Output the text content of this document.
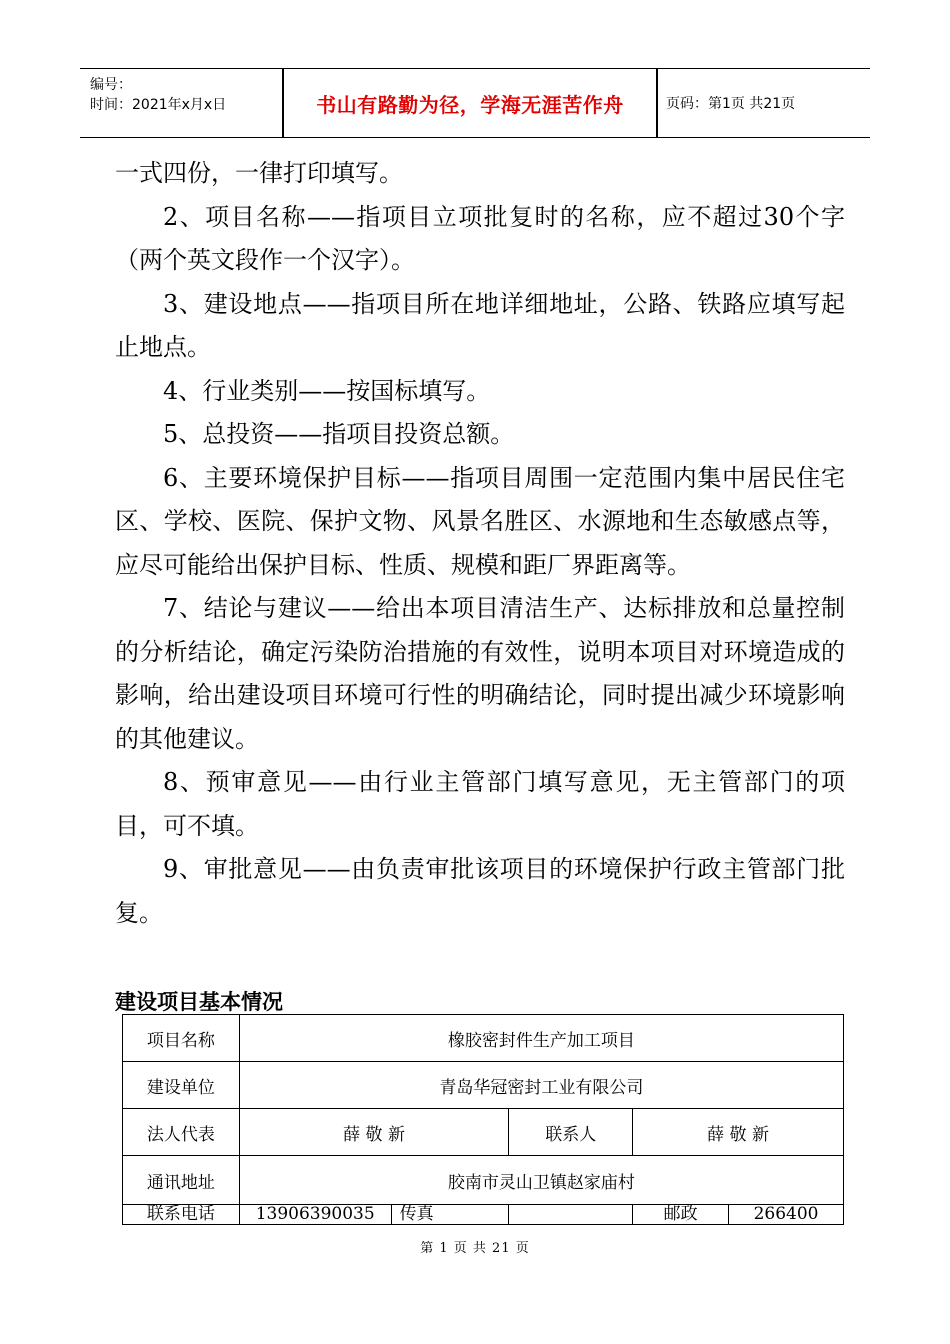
编号：
时间：2021年x月x日	书山有路勤为径，学海无涯苦作舟	页码：第1页 共21页

一式四份，一律打印填写。

2、项目名称——指项目立项批复时的名称，应不超过30个字（两个英文段作一个汉字）。

3、建设地点——指项目所在地详细地址，公路、铁路应填写起止地点。

4、行业类别——按国标填写。

5、总投资——指项目投资总额。

6、主要环境保护目标——指项目周围一定范围内集中居民住宅区、学校、医院、保护文物、风景名胜区、水源地和生态敏感点等，应尽可能给出保护目标、性质、规模和距厂界距离等。

7、结论与建议——给出本项目清洁生产、达标排放和总量控制的分析结论，确定污染防治措施的有效性，说明本项目对环境造成的影响，给出建设项目环境可行性的明确结论，同时提出减少环境影响的其他建议。

8、预审意见——由行业主管部门填写意见，无主管部门的项目，可不填。

9、审批意见——由负责审批该项目的环境保护行政主管部门批复。

建设项目基本情况
项目名称	橡胶密封件生产加工项目			
建设单位	青岛华冠密封工业有限公司			
法人代表	薛 敬 新		联系人	薛 敬 新
通讯地址	胶南市灵山卫镇赵家庙村			
联系电话	13906390035	传真		邮政 266400
第 1 页 共 21 页
